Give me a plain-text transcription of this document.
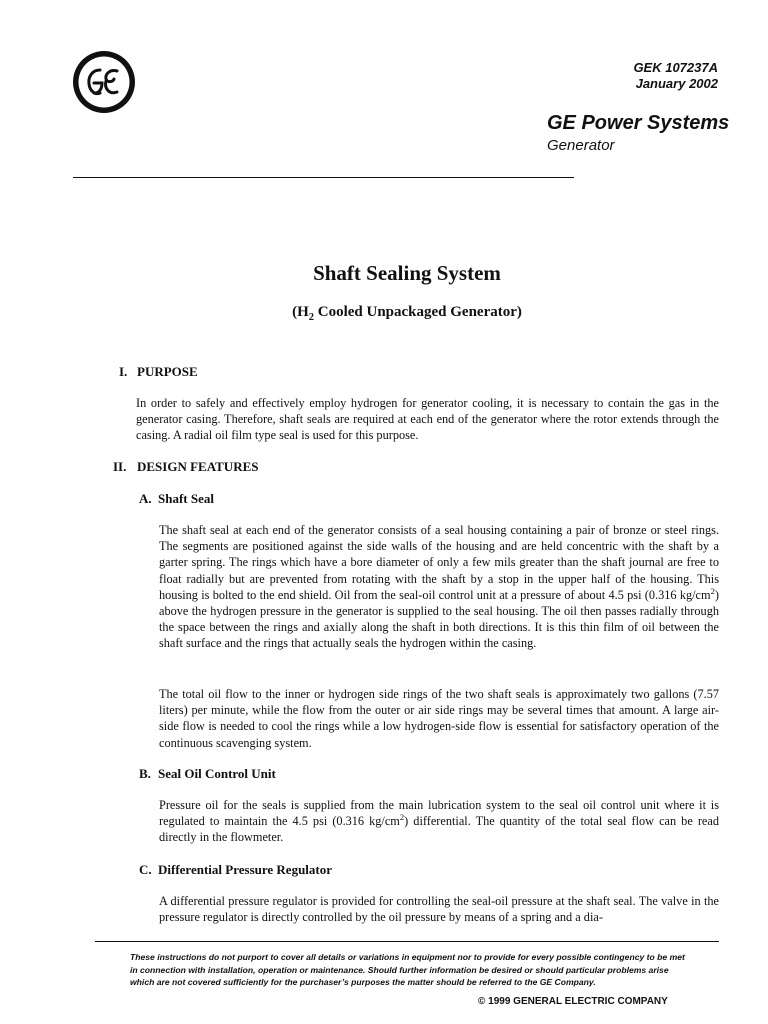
GEK 107237A
January 2002
GE Power Systems
Generator
Shaft Sealing System
($H_2$ Cooled Unpackaged Generator)
I. PURPOSE
In order to safely and effectively employ hydrogen for generator cooling, it is necessary to contain the gas in the generator casing. Therefore, shaft seals are required at each end of the generator where the rotor extends through the casing. A radial oil film type seal is used for this purpose.
II. DESIGN FEATURES
A. Shaft Seal
The shaft seal at each end of the generator consists of a seal housing containing a pair of bronze or steel rings. The segments are positioned against the side walls of the housing and are held concentric with the shaft by a garter spring. The rings which have a bore diameter of only a few mils greater than the shaft journal are free to float radially but are prevented from rotating with the shaft by a stop in the upper half of the housing. This housing is bolted to the end shield. Oil from the seal-oil control unit at a pressure of about 4.5 psi (0.316 $kg/cm^2$) above the hydrogen pressure in the generator is supplied to the seal housing. The oil then passes radially through the space between the rings and axially along the shaft in both directions. It is this thin film of oil between the shaft surface and the rings that actually seals the hydrogen within the casing.
The total oil flow to the inner or hydrogen side rings of the two shaft seals is approximately two gallons (7.57 liters) per minute, while the flow from the outer or air side rings may be several times that amount. A large air-side flow is needed to cool the rings while a low hydrogen-side flow is essential for satisfactory operation of the continuous scavenging system.
B. Seal Oil Control Unit
Pressure oil for the seals is supplied from the main lubrication system to the seal oil control unit where it is regulated to maintain the 4.5 psi (0.316 $kg/cm^2$) differential. The quantity of the total seal flow can be read directly in the flowmeter.
C. Differential Pressure Regulator
A differential pressure regulator is provided for controlling the seal-oil pressure at the shaft seal. The valve in the pressure regulator is directly controlled by the oil pressure by means of a spring and a dia-
These instructions do not purport to cover all details or variations in equipment nor to provide for every possible contingency to be met in connection with installation, operation or maintenance. Should further information be desired or should particular problems arise which are not covered sufficiently for the purchaser’s purposes the matter should be referred to the GE Company.
© 1999 GENERAL ELECTRIC COMPANY
